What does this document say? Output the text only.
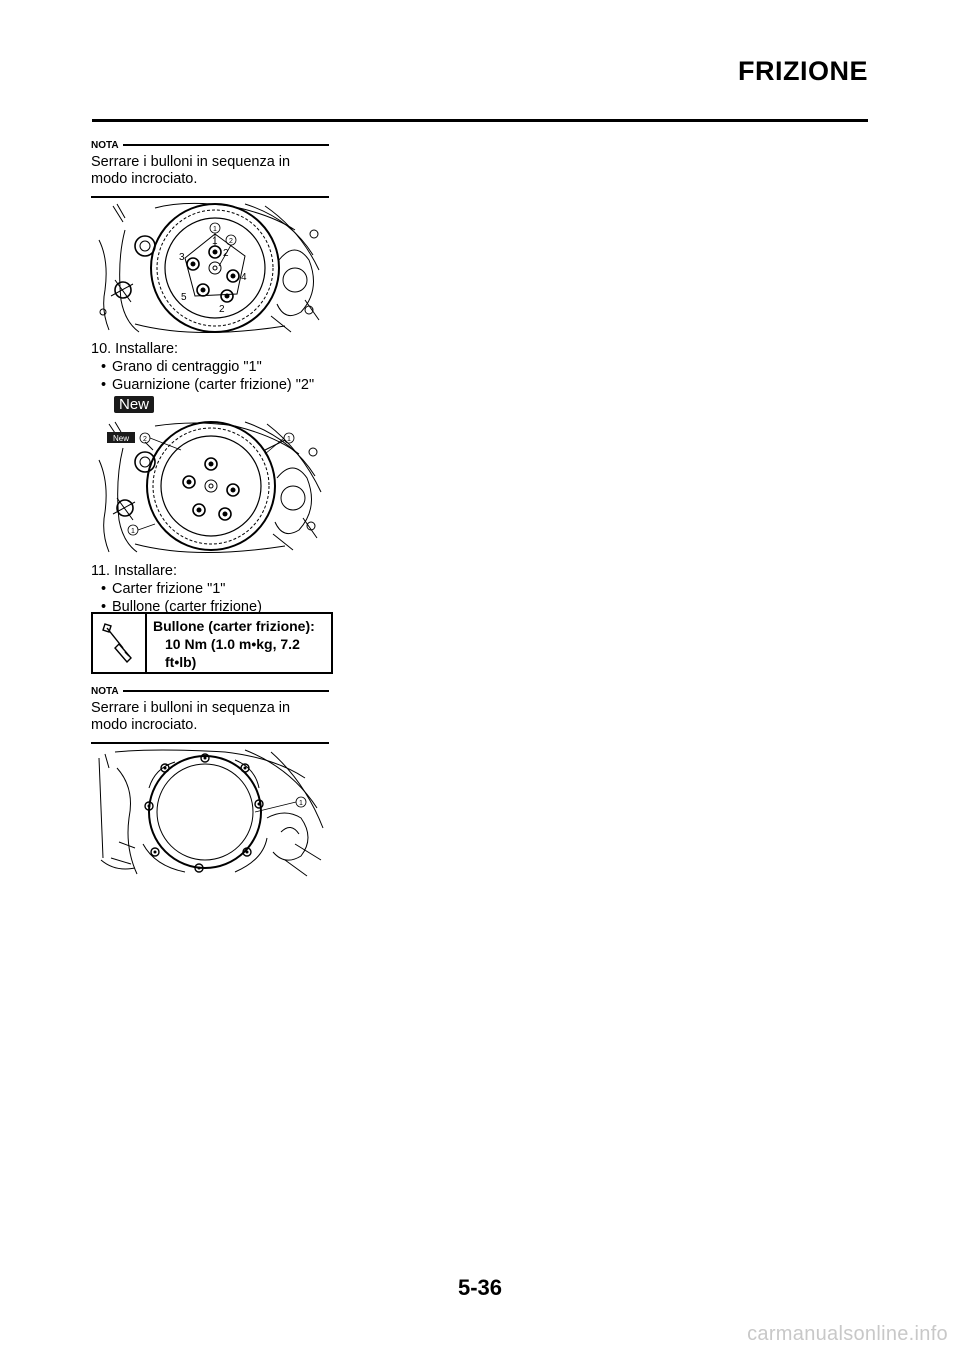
FRIZIONE
NOTA
Serrare i bulloni in sequenza in modo incrociato.
1
2
3
4
5
2
1
2
10. Installare:
• Grano di centraggio "1"
• Guarnizione (carter frizione) "2"
New
New 2	1
1
11. Installare:
• Carter frizione "1"
• Bullone (carter frizione)
Bullone (carter frizione):
10 Nm (1.0 m•kg, 7.2
ft•lb)
NOTA
Serrare i bulloni in sequenza in modo incrociato.
1
5-36
carmanualsonline.info
